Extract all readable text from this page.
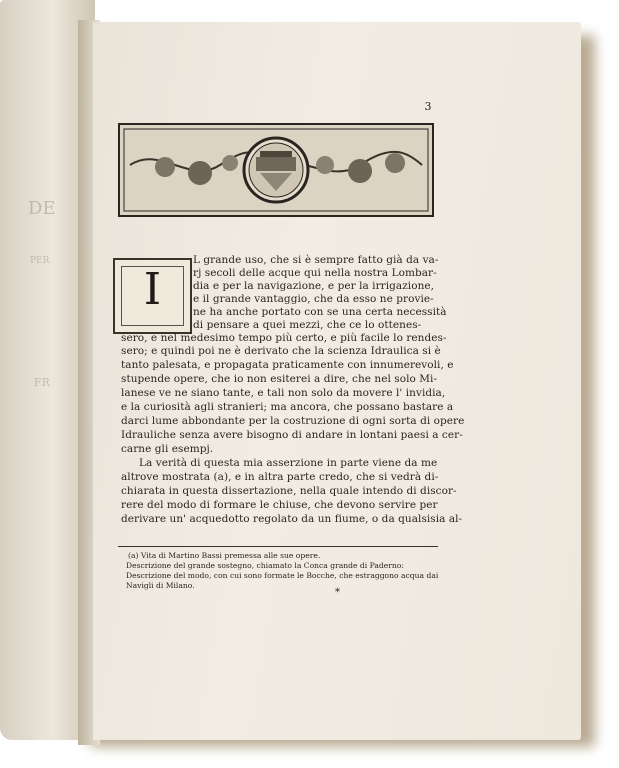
DE
PER
FR
3
I
L grande uso, che si è sempre fatto già da va-
rj secoli delle acque qui nella nostra Lombar-
dia e per la navigazione, e per la irrigazione,
e il grande vantaggio, che da esso ne provie-
ne ha anche portato con se una certa necessità
di pensare a quei mezzi, che ce lo ottenes-
sero, e nel medesimo tempo più certo, e più facile lo rendes-
sero; e quindi poi ne è derivato che la scienza Idraulica si è
tanto palesata, e propagata praticamente con innumerevoli, e
stupende opere, che io non esiterei a dire, che nel solo Mi-
lanese ve ne siano tante, e tali non solo da movere l' invidia,
e la curiosità agli stranieri; ma ancora, che possano bastare a
darci lume abbondante per la costruzione di ogni sorta di opere
Idrauliche senza avere bisogno di andare in lontani paesi a cer-
carne gli esempj.
La verità di questa mia asserzione in parte viene da me
altrove mostrata (a), e in altra parte credo, che si vedrà di-
chiarata in questa dissertazione, nella quale intendo di discor-
rere del modo di formare le chiuse, che devono servire per
derivare un' acquedotto regolato da un fiume, o da qualsisia al-
(a) Vita di Martino Bassi premessa alle sue opere.
Descrizione del grande sostegno, chiamato la Conca grande di Paderno:
Descrizione del modo, con cui sono formate le Bocche, che estraggono acqua dai
Navigli di Milano.
*
